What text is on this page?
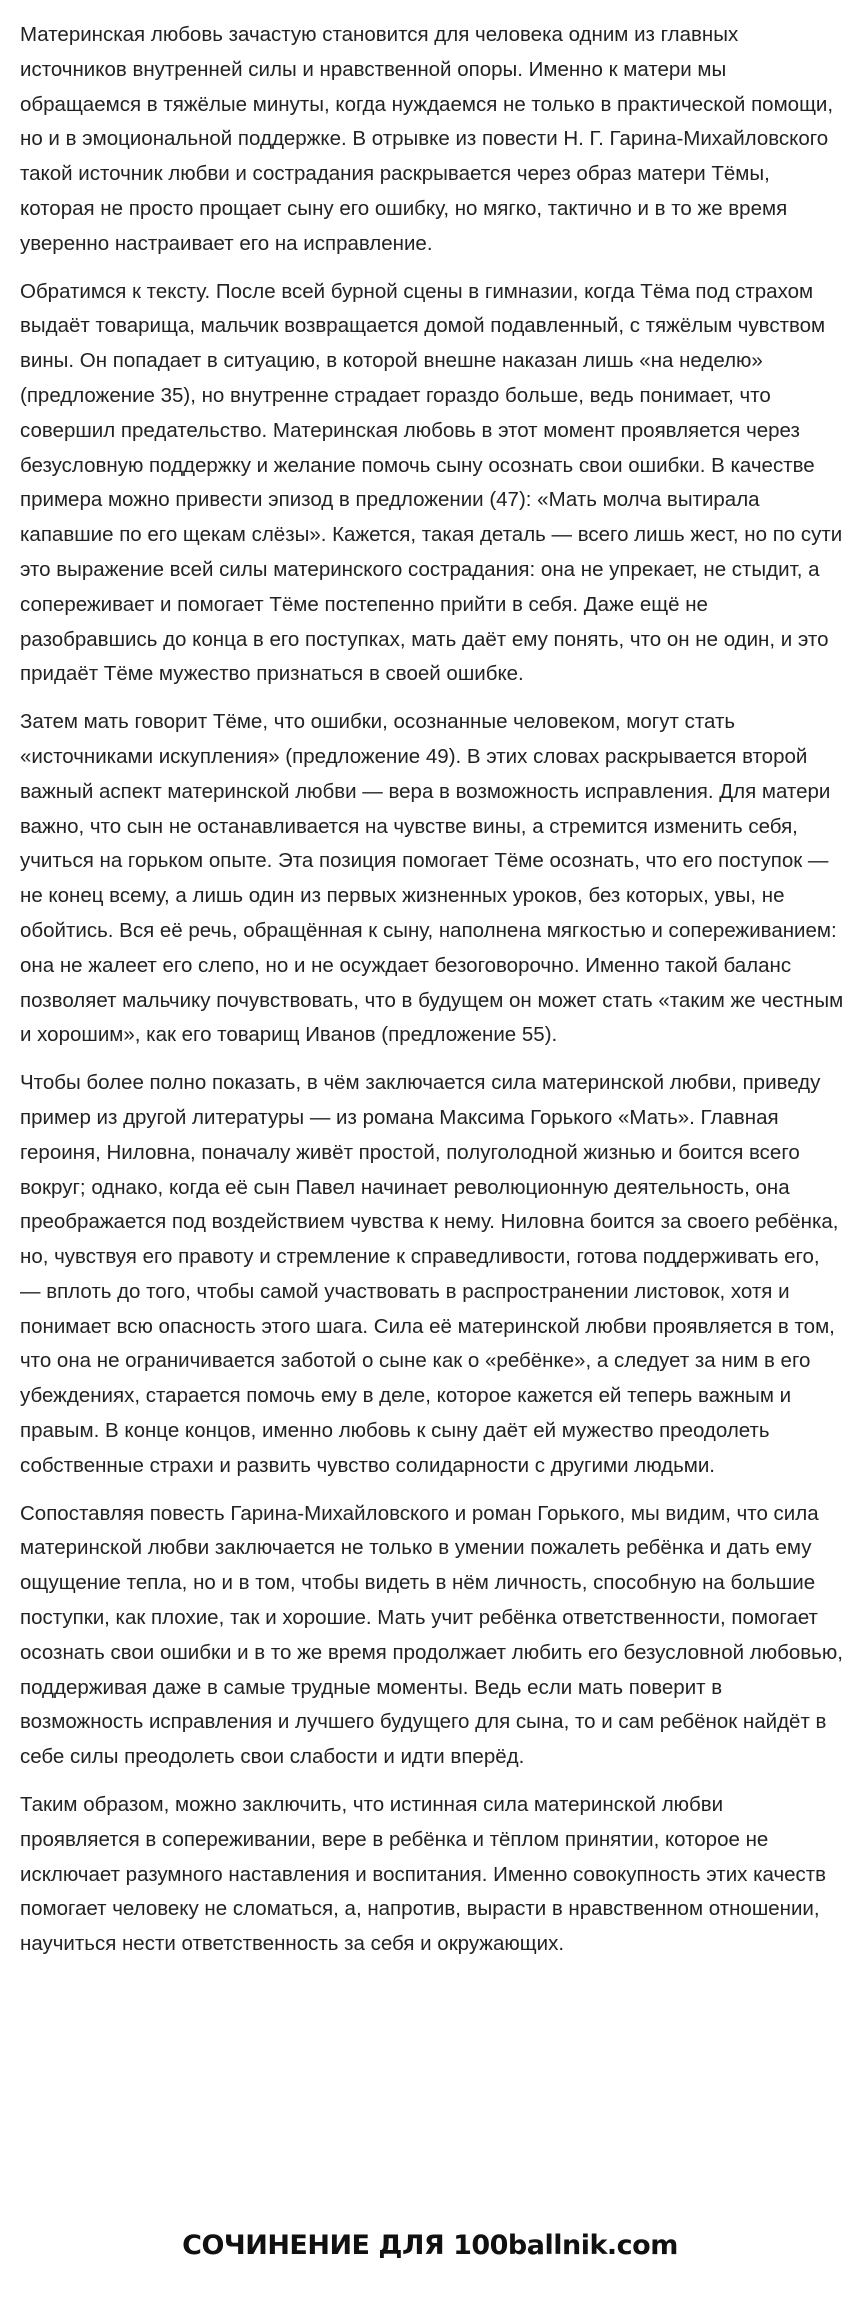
Материнская любовь зачастую становится для человека одним из главных источников внутренней силы и нравственной опоры. Именно к матери мы обращаемся в тяжёлые минуты, когда нуждаемся не только в практической помощи, но и в эмоциональной поддержке. В отрывке из повести Н. Г. Гарина-Михайловского такой источник любви и сострадания раскрывается через образ матери Тёмы, которая не просто прощает сыну его ошибку, но мягко, тактично и в то же время уверенно настраивает его на исправление.

Обратимся к тексту. После всей бурной сцены в гимназии, когда Тёма под страхом выдаёт товарища, мальчик возвращается домой подавленный, с тяжёлым чувством вины. Он попадает в ситуацию, в которой внешне наказан лишь «на неделю» (предложение 35), но внутренне страдает гораздо больше, ведь понимает, что совершил предательство. Материнская любовь в этот момент проявляется через безусловную поддержку и желание помочь сыну осознать свои ошибки. В качестве примера можно привести эпизод в предложении (47): «Мать молча вытирала капавшие по его щекам слёзы». Кажется, такая деталь — всего лишь жест, но по сути это выражение всей силы материнского сострадания: она не упрекает, не стыдит, а сопереживает и помогает Тёме постепенно прийти в себя. Даже ещё не разобравшись до конца в его поступках, мать даёт ему понять, что он не один, и это придаёт Тёме мужество признаться в своей ошибке.

Затем мать говорит Тёме, что ошибки, осознанные человеком, могут стать «источниками искупления» (предложение 49). В этих словах раскрывается второй важный аспект материнской любви — вера в возможность исправления. Для матери важно, что сын не останавливается на чувстве вины, а стремится изменить себя, учиться на горьком опыте. Эта позиция помогает Тёме осознать, что его поступок — не конец всему, а лишь один из первых жизненных уроков, без которых, увы, не обойтись. Вся её речь, обращённая к сыну, наполнена мягкостью и сопереживанием: она не жалеет его слепо, но и не осуждает безоговорочно. Именно такой баланс позволяет мальчику почувствовать, что в будущем он может стать «таким же честным и хорошим», как его товарищ Иванов (предложение 55).

Чтобы более полно показать, в чём заключается сила материнской любви, приведу пример из другой литературы — из романа Максима Горького «Мать». Главная героиня, Ниловна, поначалу живёт простой, полуголодной жизнью и боится всего вокруг; однако, когда её сын Павел начинает революционную деятельность, она преображается под воздействием чувства к нему. Ниловна боится за своего ребёнка, но, чувствуя его правоту и стремление к справедливости, готова поддерживать его, — вплоть до того, чтобы самой участвовать в распространении листовок, хотя и понимает всю опасность этого шага. Сила её материнской любви проявляется в том, что она не ограничивается заботой о сыне как о «ребёнке», а следует за ним в его убеждениях, старается помочь ему в деле, которое кажется ей теперь важным и правым. В конце концов, именно любовь к сыну даёт ей мужество преодолеть собственные страхи и развить чувство солидарности с другими людьми.

Сопоставляя повесть Гарина-Михайловского и роман Горького, мы видим, что сила материнской любви заключается не только в умении пожалеть ребёнка и дать ему ощущение тепла, но и в том, чтобы видеть в нём личность, способную на большие поступки, как плохие, так и хорошие. Мать учит ребёнка ответственности, помогает осознать свои ошибки и в то же время продолжает любить его безусловной любовью, поддерживая даже в самые трудные моменты. Ведь если мать поверит в возможность исправления и лучшего будущего для сына, то и сам ребёнок найдёт в себе силы преодолеть свои слабости и идти вперёд.

Таким образом, можно заключить, что истинная сила материнской любви проявляется в сопереживании, вере в ребёнка и тёплом принятии, которое не исключает разумного наставления и воспитания. Именно совокупность этих качеств помогает человеку не сломаться, а, напротив, вырасти в нравственном отношении, научиться нести ответственность за себя и окружающих.

СОЧИНЕНИЕ ДЛЯ 100ballnik.com
